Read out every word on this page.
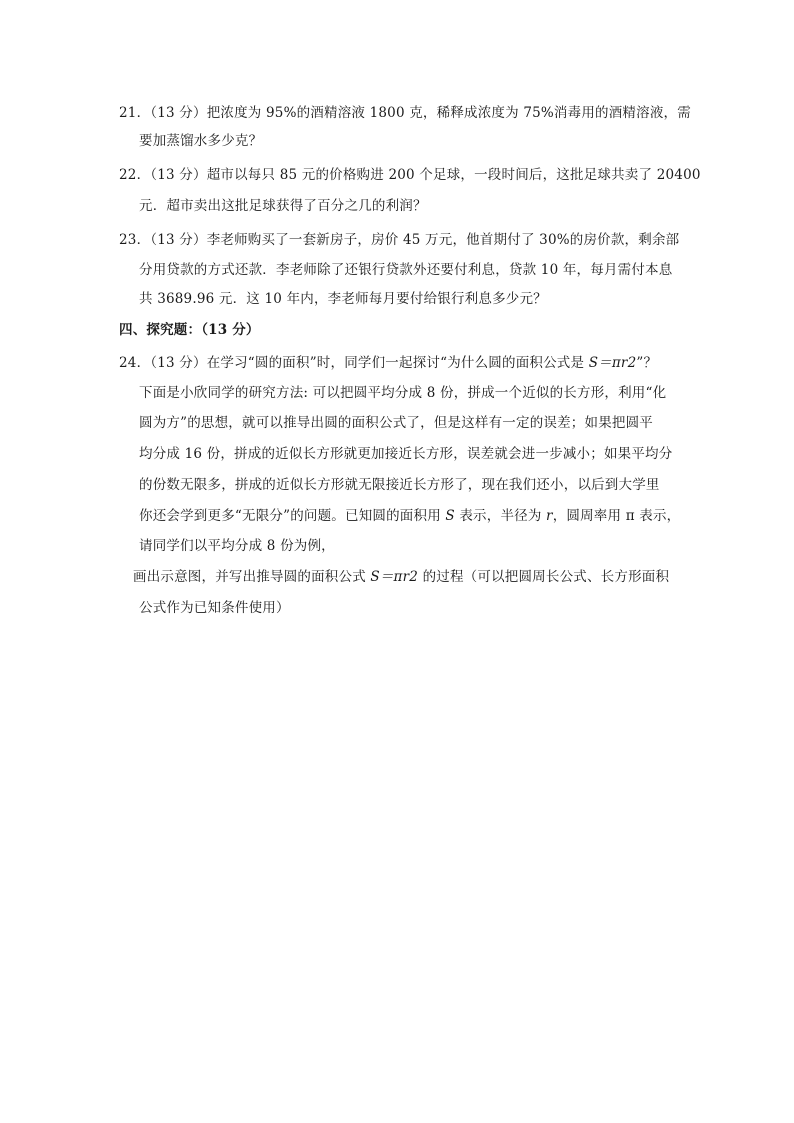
21．（13 分）把浓度为 95%的酒精溶液 1800 克，稀释成浓度为 75%消毒用的酒精溶液，需
要加蒸馏水多少克？
22．（13 分）超市以每只 85 元的价格购进 200 个足球，一段时间后，这批足球共卖了 20400
元．超市卖出这批足球获得了百分之几的利润？
23．（13 分）李老师购买了一套新房子，房价 45 万元，他首期付了 30%的房价款，剩余部
分用贷款的方式还款．李老师除了还银行贷款外还要付利息，贷款 10 年，每月需付本息
共 3689.96 元．这 10 年内，李老师每月要付给银行利息多少元？
四、探究题：（13 分）
24．（13 分）在学习“圆的面积”时，同学们一起探讨“为什么圆的面积公式是 S＝πr2”？
下面是小欣同学的研究方法: 可以把圆平均分成 8 份，拼成一个近似的长方形，利用“化
圆为方”的思想，就可以推导出圆的面积公式了，但是这样有一定的误差；如果把圆平
均分成 16 份，拼成的近似长方形就更加接近长方形，误差就会进一步减小；如果平均分
的份数无限多，拼成的近似长方形就无限接近长方形了，现在我们还小，以后到大学里
你还会学到更多“无限分”的问题。已知圆的面积用 S 表示，半径为 r，圆周率用 π 表示，
请同学们以平均分成 8 份为例，
画出示意图，并写出推导圆的面积公式 S＝πr2 的过程（可以把圆周长公式、长方形面积
公式作为已知条件使用）
